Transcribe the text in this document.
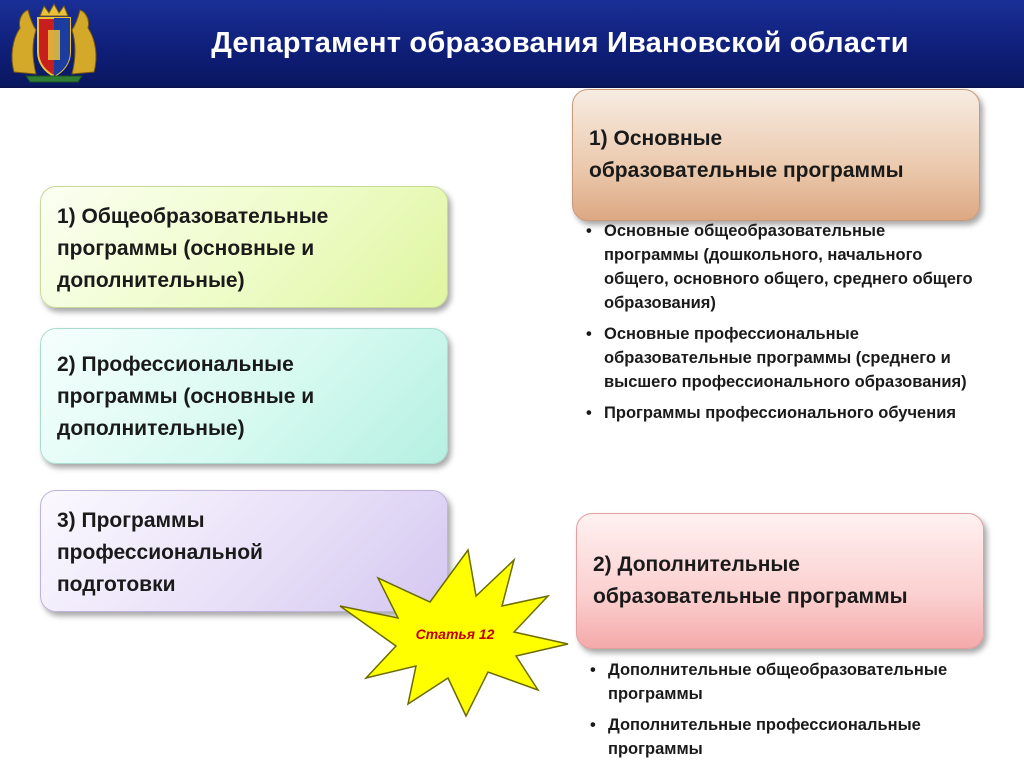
Департамент образования Ивановской области
1) Общеобразовательные
программы (основные и
дополнительные)
2) Профессиональные
программы (основные и
дополнительные)
3) Программы
профессиональной
подготовки
1) Основные
образовательные программы
• Основные общеобразовательные программы (дошкольного, начального общего, основного общего, среднего общего образования)
• Основные профессиональные образовательные программы (среднего и высшего профессионального образования)
• Программы профессионального обучения
2) Дополнительные
образовательные программы
• Дополнительные общеобразовательные программы
• Дополнительные профессиональные программы
Статья 12
